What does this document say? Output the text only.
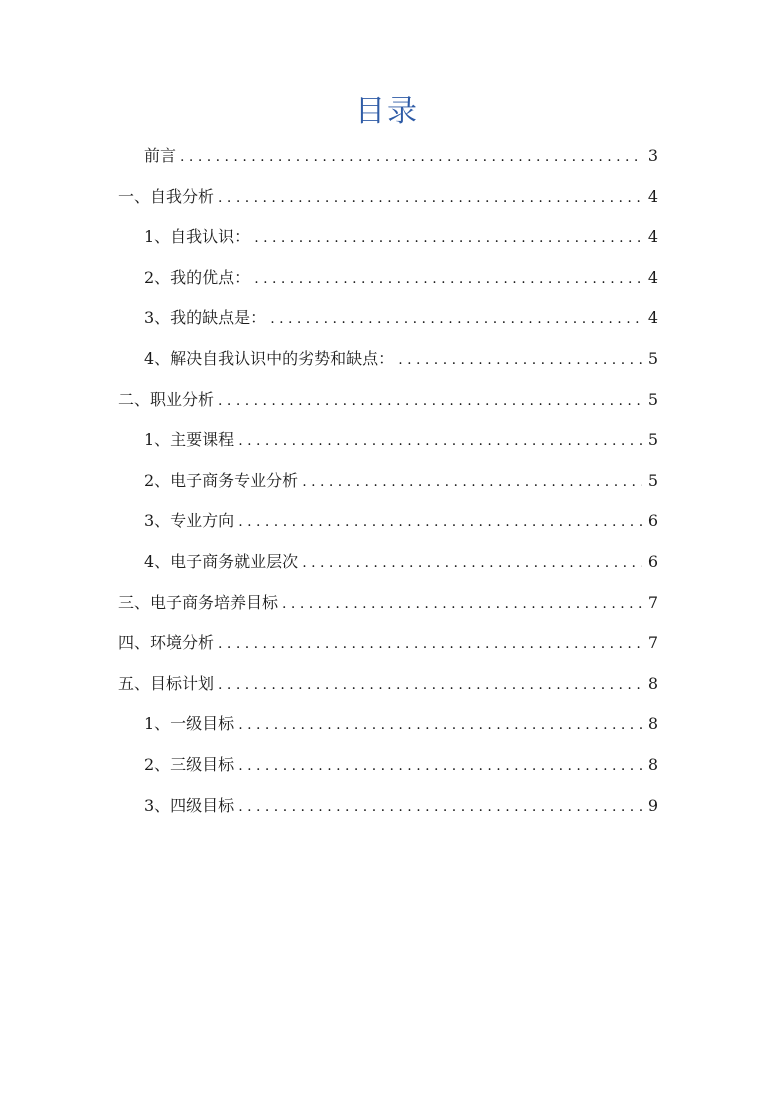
目录
前言 . . .	3
一、自我分析 . . .	4
1、自我认识： . . .	4
2、我的优点： . . .	4
3、我的缺点是： . . .	4
4、解决自我认识中的劣势和缺点： . . .	5
二、职业分析 . . .	5
1、主要课程 . . .	5
2、电子商务专业分析 . . .	5
3、专业方向 . . .	6
4、电子商务就业层次 . . .	6
三、电子商务培养目标 . . .	7
四、环境分析 . . .	7
五、目标计划 . . .	8
1、一级目标 . . .	8
2、三级目标 . . .	8
3、四级目标 . . .	9
